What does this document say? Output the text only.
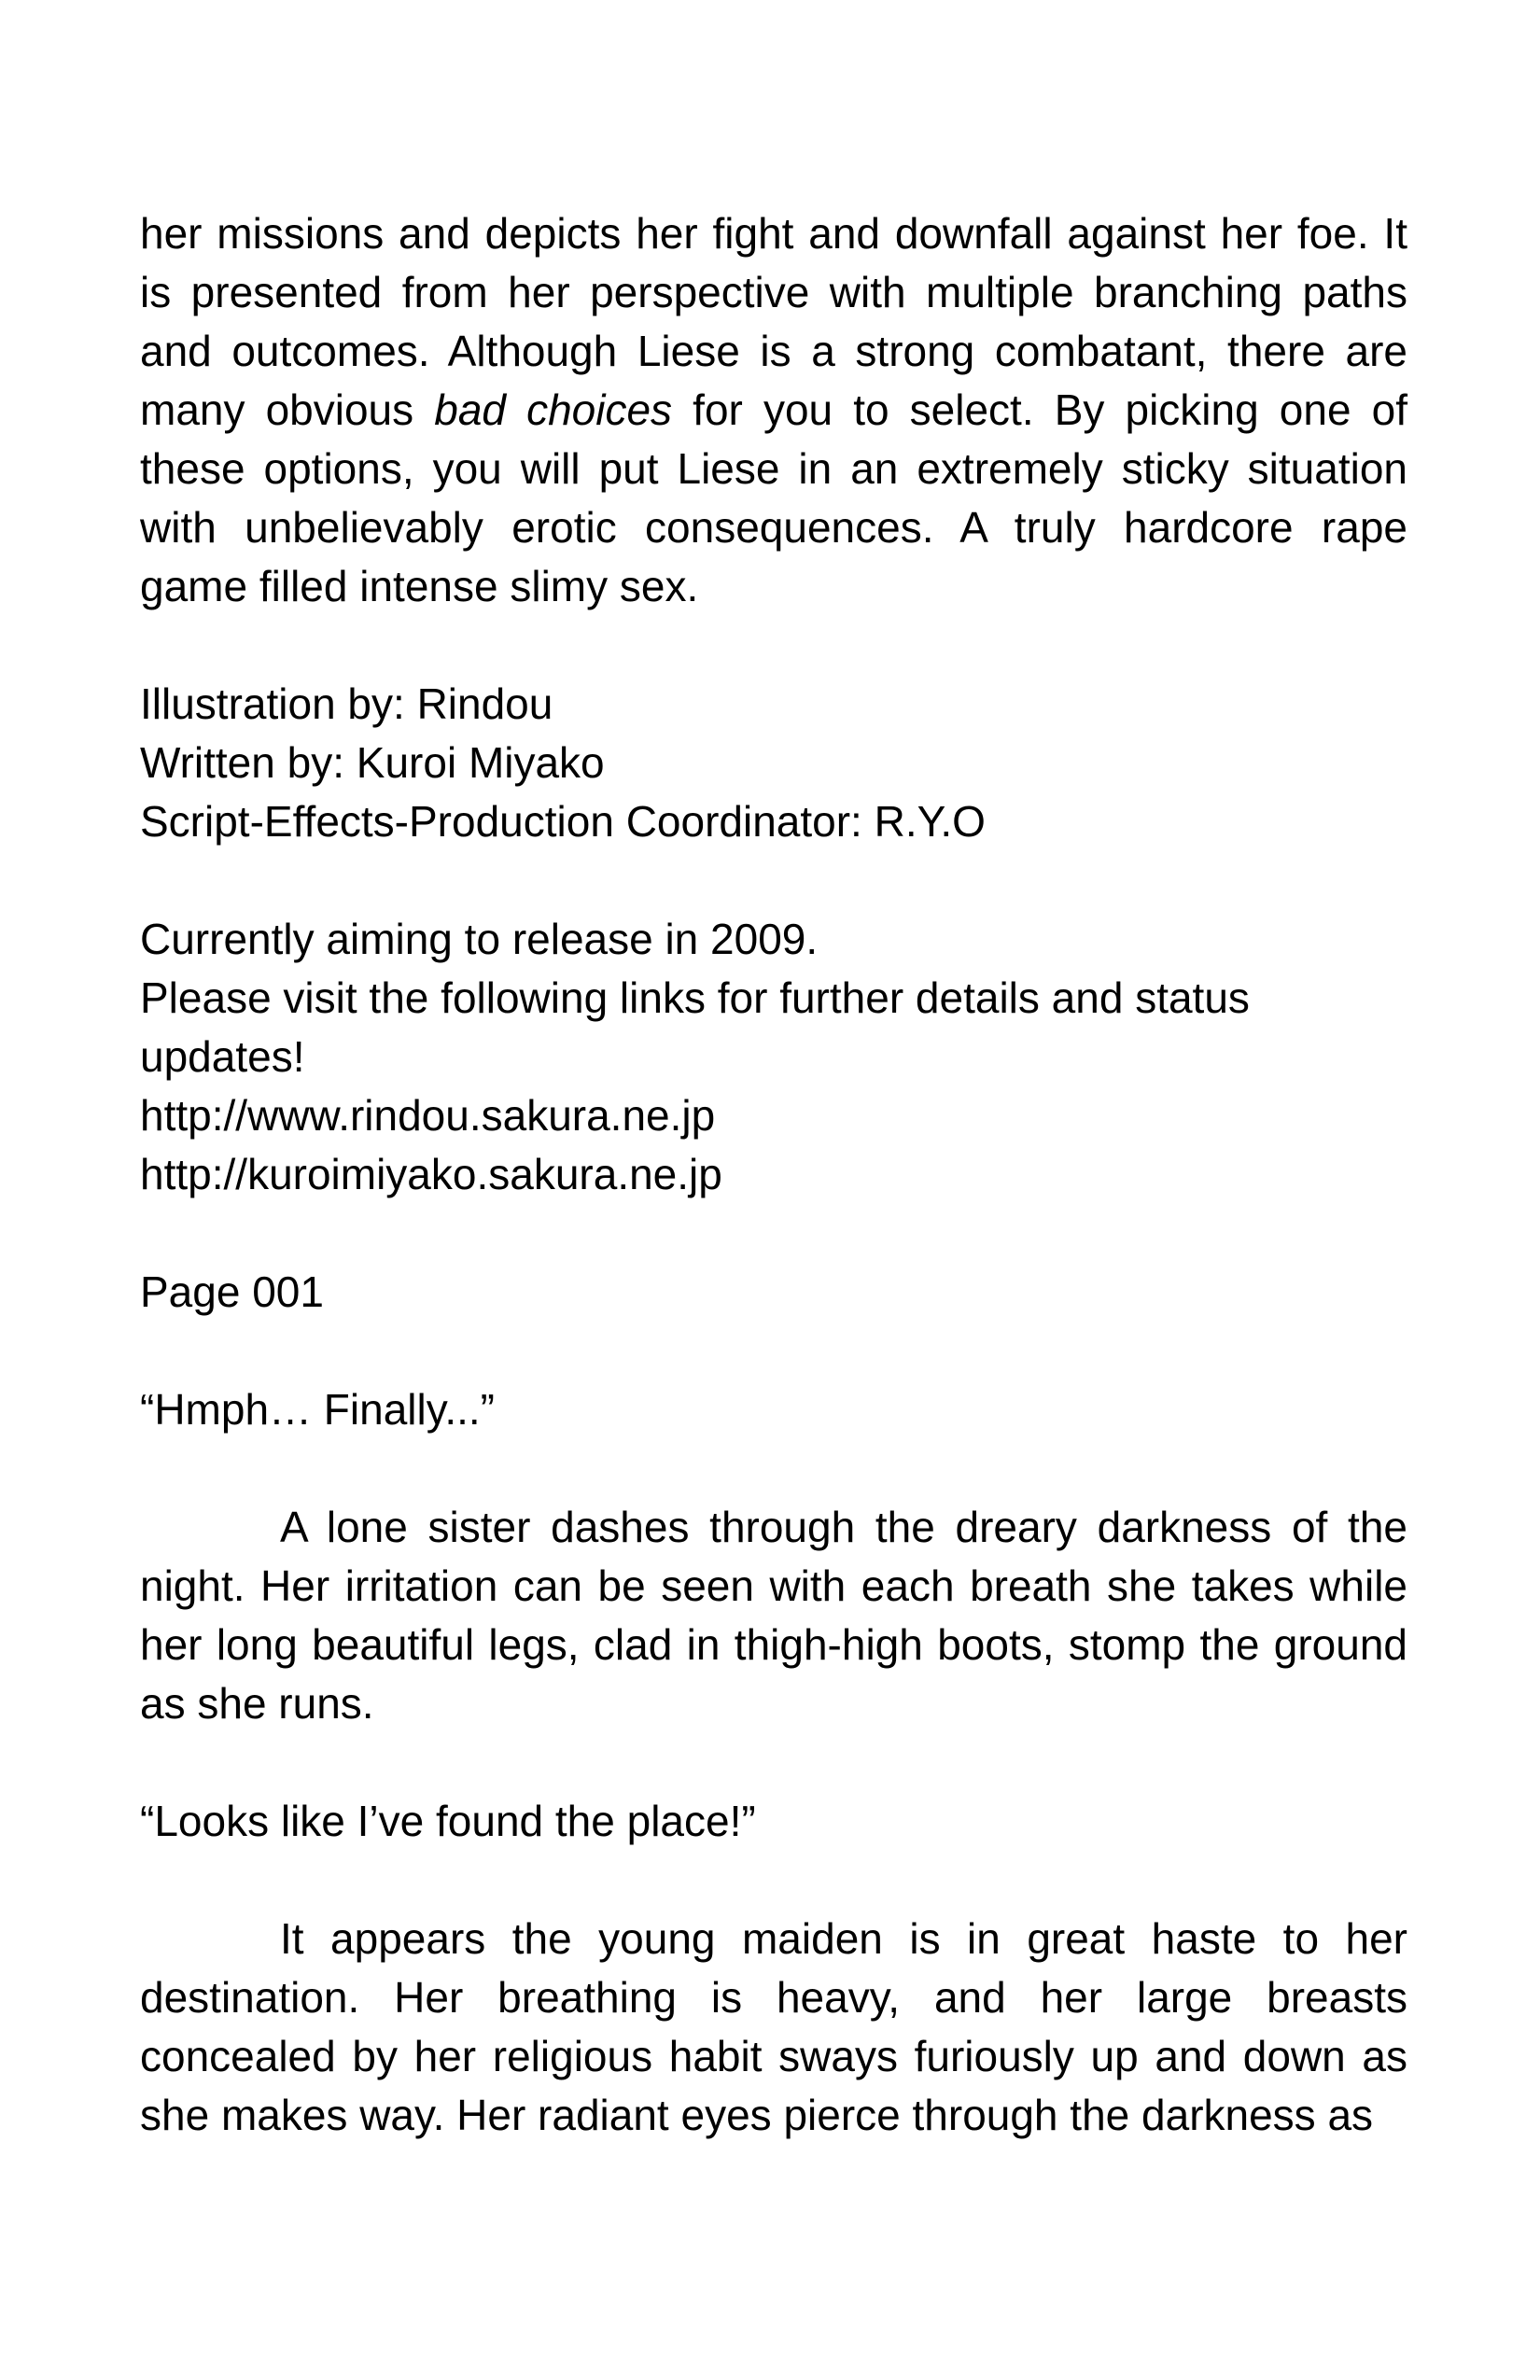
her missions and depicts her fight and downfall against her foe. It is presented from her perspective with multiple branching paths and outcomes. Although Liese is a strong combatant, there are many obvious bad choices for you to select. By picking one of these options, you will put Liese in an extremely sticky situation with unbelievably erotic consequences. A truly hardcore rape game filled intense slimy sex.

Illustration by: Rindou
Written by: Kuroi Miyako
Script-Effects-Production Coordinator: R.Y.O
Currently aiming to release in 2009.
Please visit the following links for further details and status updates!
http://www.rindou.sakura.ne.jp
http://kuroimiyako.sakura.ne.jp

Page 001

“Hmph… Finally...”

A lone sister dashes through the dreary darkness of the night. Her irritation can be seen with each breath she takes while her long beautiful legs, clad in thigh-high boots, stomp the ground as she runs.

“Looks like I’ve found the place!”

It appears the young maiden is in great haste to her destination. Her breathing is heavy, and her large breasts concealed by her religious habit sways furiously up and down as she makes way. Her radiant eyes pierce through the darkness as
